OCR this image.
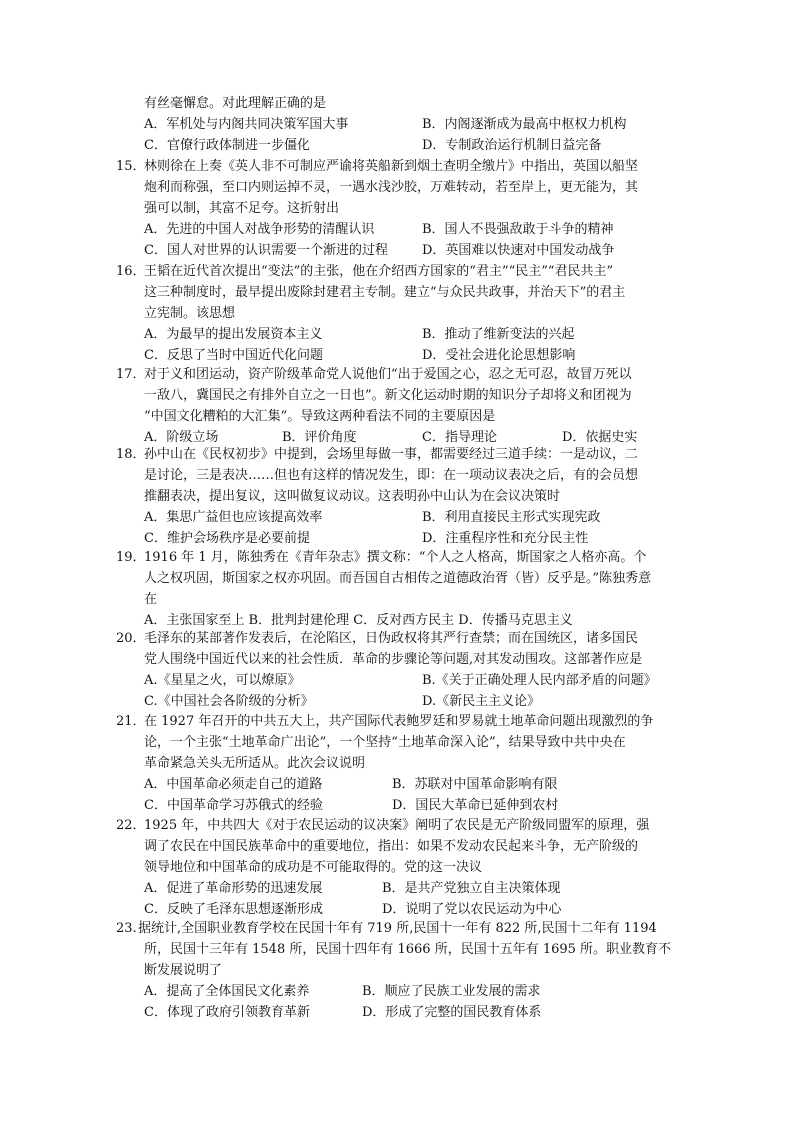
有丝毫懈怠。对此理解正确的是
A．军机处与内阁共同决策军国大事	B．内阁逐渐成为最高中枢权力机构
C．官僚行政体制进一步僵化	D．专制政治运行机制日益完备
15．林则徐在上奏《英人非不可制应严谕将英船新到烟土查明全缴片》中指出，英国以船坚
炮利而称强，至口内则运掉不灵，一遇水浅沙胶，万难转动，若至岸上，更无能为，其
强可以制，其富不足夸。这折射出
A．先进的中国人对战争形势的清醒认识	B．国人不畏强敌敢于斗争的精神
C．国人对世界的认识需要一个渐进的过程	D．英国难以快速对中国发动战争
16．王韬在近代首次提出“变法”的主张，他在介绍西方国家的“君主”“民主”“君民共主”
这三种制度时，最早提出废除封建君主专制。建立“与众民共政事，并治天下”的君主
立宪制。该思想
A．为最早的提出发展资本主义	B．推动了维新变法的兴起
C．反思了当时中国近代化问题	D．受社会进化论思想影响
17．对于义和团运动，资产阶级革命党人说他们“出于爱国之心，忍之无可忍，故冒万死以
一敌八，冀国民之有排外自立之一日也”。新文化运动时期的知识分子却将义和团视为
“中国文化糟粕的大汇集”。导致这两种看法不同的主要原因是
A．阶级立场	B．评价角度	C．指导理论	D．依据史实
18．孙中山在《民权初步》中提到，会场里每做一事，都需要经过三道手续：一是动议，二
是讨论，三是表决……但也有这样的情况发生，即：在一项动议表决之后，有的会员想
推翻表决，提出复议，这叫做复议动议。这表明孙中山认为在会议决策时
A．集思广益但也应该提高效率	B．利用直接民主形式实现宪政
C．维护会场秩序是必要前提	D．注重程序性和充分民主性
19．1916 年 1 月，陈独秀在《青年杂志》撰文称：“个人之人格高，斯国家之人格亦高。个
人之权巩固，斯国家之权亦巩固。而吾国自古相传之道德政治胥（皆）反乎是。”陈独秀意
在
A．主张国家至上 B．批判封建伦理 C．反对西方民主 D．传播马克思主义
20．毛泽东的某部著作发表后，在沦陷区，日伪政权将其严行查禁；而在国统区，诸多国民
党人围绕中国近代以来的社会性质．革命的步骤论等问题,对其发动围攻。这部著作应是
A.《星星之火，可以燎原》	B.《关于正确处理人民内部矛盾的问题》
C.《中国社会各阶级的分析》	D.《新民主主义论》
21．在 1927 年召开的中共五大上，共产国际代表鲍罗廷和罗易就土地革命问题出现激烈的争
论，一个主张“土地革命广出论”，一个坚持“土地革命深入论”，结果导致中共中央在
革命紧急关头无所适从。此次会议说明
A．中国革命必须走自己的道路	B．苏联对中国革命影响有限
C．中国革命学习苏俄式的经验	D．国民大革命已延伸到农村
22．1925 年，中共四大《对于农民运动的议决案》阐明了农民是无产阶级同盟军的原理，强
调了农民在中国民族革命中的重要地位，指出：如果不发动农民起来斗争，无产阶级的
领导地位和中国革命的成功是不可能取得的。党的这一决议
A．促进了革命形势的迅速发展	B．是共产党独立自主决策体现
C．反映了毛泽东思想逐渐形成	D．说明了党以农民运动为中心
23.据统计,全国职业教育学校在民国十年有 719 所,民国十一年有 822 所,民国十二年有 1194
所，民国十三年有 1548 所，民国十四年有 1666 所，民国十五年有 1695 所。职业教育不
断发展说明了
A．提高了全体国民文化素养	B．顺应了民族工业发展的需求
C．体现了政府引领教育革新	D．形成了完整的国民教育体系
